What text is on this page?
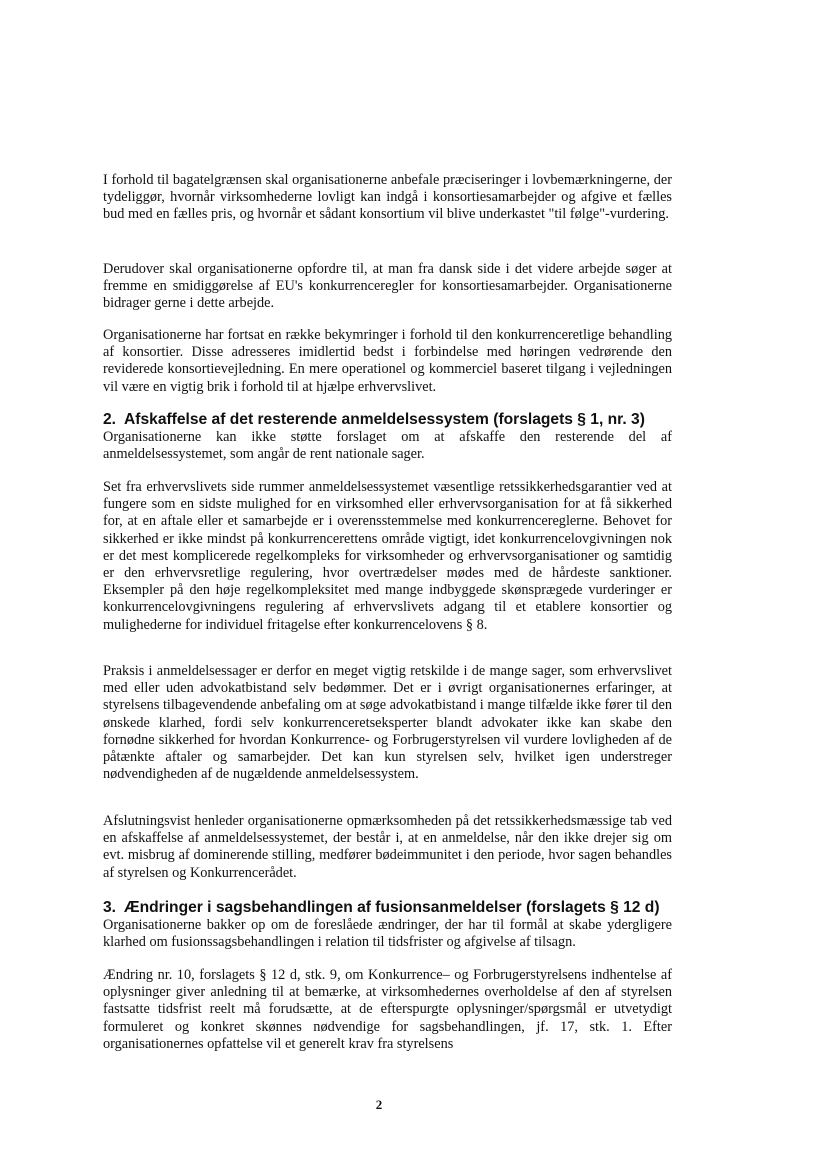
I forhold til bagatelgrænsen skal organisationerne anbefale præciseringer i lovbemærkningerne, der tydeliggør, hvornår virksomhederne lovligt kan indgå i konsortiesamarbejder og afgive et fælles bud med en fælles pris, og hvornår et sådant konsortium vil blive underkastet "til følge"-vurdering.

Derudover skal organisationerne opfordre til, at man fra dansk side i det videre arbejde søger at fremme en smidiggørelse af EU's konkurrenceregler for konsortiesamarbejder. Organisationerne bidrager gerne i dette arbejde.

Organisationerne har fortsat en række bekymringer i forhold til den konkurrenceretlige behandling af konsortier. Disse adresseres imidlertid bedst i forbindelse med høringen vedrørende den reviderede konsortievejledning. En mere operationel og kommerciel baseret tilgang i vejledningen vil være en vigtig brik i forhold til at hjælpe erhvervslivet.

2. Afskaffelse af det resterende anmeldelsessystem (forslagets § 1, nr. 3)

Organisationerne kan ikke støtte forslaget om at afskaffe den resterende del af anmeldelsessystemet, som angår de rent nationale sager.

Set fra erhvervslivets side rummer anmeldelsessystemet væsentlige retssikkerhedsgarantier ved at fungere som en sidste mulighed for en virksomhed eller erhvervsorganisation for at få sikkerhed for, at en aftale eller et samarbejde er i overensstemmelse med konkurrencereglerne. Behovet for sikkerhed er ikke mindst på konkurrencerettens område vigtigt, idet konkurrencelovgivningen nok er det mest komplicerede regelkompleks for virksomheder og erhvervsorganisationer og samtidig er den erhvervsretlige regulering, hvor overtrædelser mødes med de hårdeste sanktioner. Eksempler på den høje regelkompleksitet med mange indbyggede skønsprægede vurderinger er konkurrencelovgivningens regulering af erhvervslivets adgang til et etablere konsortier og mulighederne for individuel fritagelse efter konkurrencelovens § 8.

Praksis i anmeldelsessager er derfor en meget vigtig retskilde i de mange sager, som erhvervslivet med eller uden advokatbistand selv bedømmer. Det er i øvrigt organisationernes erfaringer, at styrelsens tilbagevendende anbefaling om at søge advokatbistand i mange tilfælde ikke fører til den ønskede klarhed, fordi selv konkurrenceretseksperter blandt advokater ikke kan skabe den fornødne sikkerhed for hvordan Konkurrence- og Forbrugerstyrelsen vil vurdere lovligheden af de påtænkte aftaler og samarbejder. Det kan kun styrelsen selv, hvilket igen understreger nødvendigheden af de nugældende anmeldelsessystem.

Afslutningsvist henleder organisationerne opmærksomheden på det retssikkerhedsmæssige tab ved en afskaffelse af anmeldelsessystemet, der består i, at en anmeldelse, når den ikke drejer sig om evt. misbrug af dominerende stilling, medfører bødeimmunitet i den periode, hvor sagen behandles af styrelsen og Konkurrencerådet.

3. Ændringer i sagsbehandlingen af fusionsanmeldelser (forslagets § 12 d)

Organisationerne bakker op om de foreslåede ændringer, der har til formål at skabe ydergligere klarhed om fusionssagsbehandlingen i relation til tidsfrister og afgivelse af tilsagn.

Ændring nr. 10, forslagets § 12 d, stk. 9, om Konkurrence– og Forbrugerstyrelsens indhentelse af oplysninger giver anledning til at bemærke, at virksomhedernes overholdelse af den af styrelsen fastsatte tidsfrist reelt må forudsætte, at de efterspurgte oplysninger/spørgsmål er utvetydigt formuleret og konkret skønnes nødvendige for sagsbehandlingen, jf. 17, stk. 1. Efter organisationernes opfattelse vil et generelt krav fra styrelsens

2
